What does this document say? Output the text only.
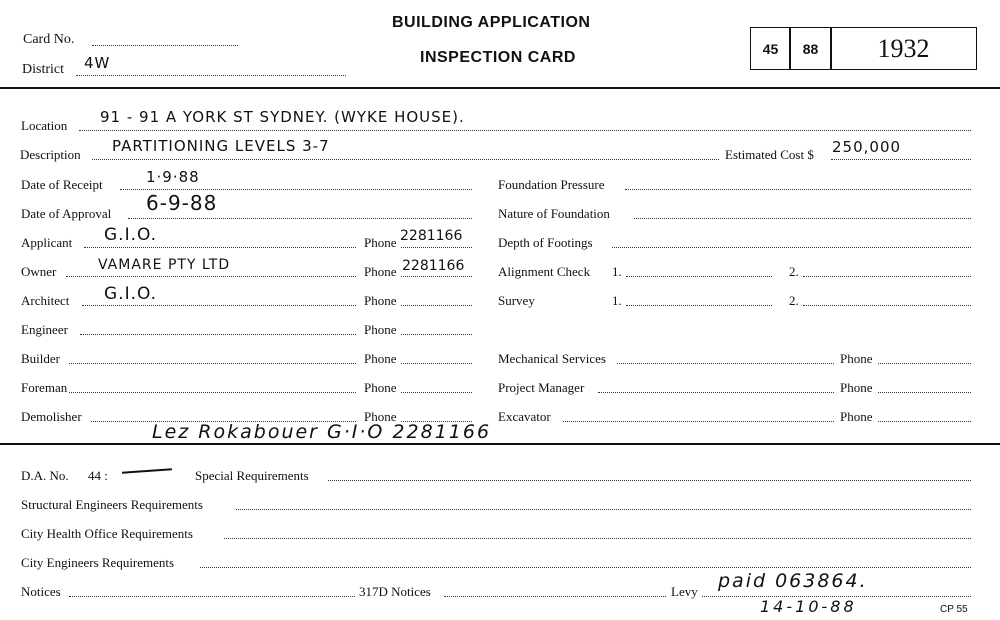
Card No.
District 4W
BUILDING APPLICATION
INSPECTION CARD
45 88 1932
Location 91 - 91 A YORK ST SYDNEY. (WYKE HOUSE).
Description PARTITIONING LEVELS 3-7	Estimated Cost $ 250,000
Date of Receipt	1·9·88
Date of Approval 6-9-88
Applicant G.I.O.	Phone 2281166
Owner	VAMARE PTY LTD	Phone 2281166
Architect G.I.O.	Phone
Engineer	Phone
Builder	Phone
Foreman	Phone
Demolisher	Phone
Foundation Pressure
Nature of Foundation
Depth of Footings
Alignment Check 1.	2.
Survey	1.	2.
Mechanical Services	Phone
Project Manager	Phone
Excavator	Phone
Lez Rokabouer G·I·O 2281166
D.A. No. 44 :	Special Requirements
Structural Engineers Requirements
City Health Office Requirements
City Engineers Requirements
Notices	317D Notices	Levy paid 063864.
14-10-88	CP 55
